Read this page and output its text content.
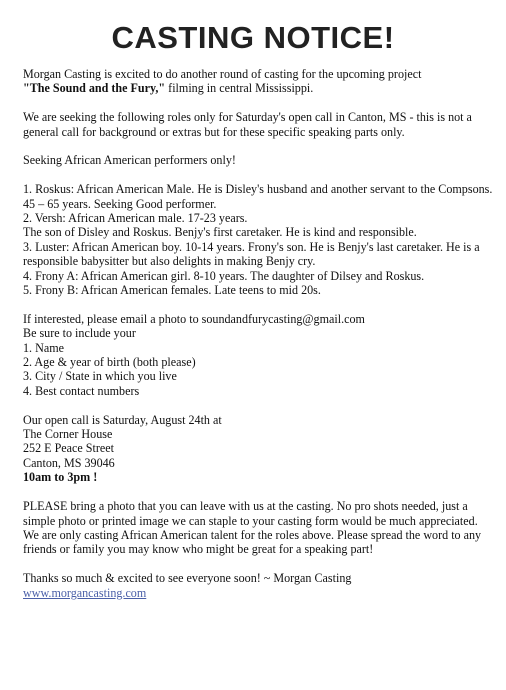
CASTING NOTICE!

Morgan Casting is excited to do another round of casting for the upcoming project
"The Sound and the Fury," filming in central Mississippi.

We are seeking the following roles only for Saturday's open call in Canton, MS - this is not a general call for background or extras but for these specific speaking parts only.

Seeking African American performers only!

1. Roskus: African American Male. He is Disley's husband and another servant to the Compsons. 45 – 65 years. Seeking Good performer.
2. Versh: African American male. 17-23 years.
The son of Disley and Roskus. Benjy's first caretaker. He is kind and responsible.
3. Luster: African American boy. 10-14 years. Frony's son. He is Benjy's last caretaker. He is a responsible babysitter but also delights in making Benjy cry.
4. Frony A: African American girl. 8-10 years. The daughter of Dilsey and Roskus.
5. Frony B: African American females. Late teens to mid 20s.

If interested, please email a photo to soundandfurycasting@gmail.com
Be sure to include your
1. Name
2. Age & year of birth (both please)
3. City / State in which you live
4. Best contact numbers

Our open call is Saturday, August 24th at
The Corner House
252 E Peace Street
Canton, MS 39046
10am to 3pm !

PLEASE bring a photo that you can leave with us at the casting. No pro shots needed, just a simple photo or printed image we can staple to your casting form would be much appreciated.

We are only casting African American talent for the roles above. Please spread the word to any friends or family you may know who might be great for a speaking part!

Thanks so much & excited to see everyone soon! ~ Morgan Casting
www.morgancasting.com
